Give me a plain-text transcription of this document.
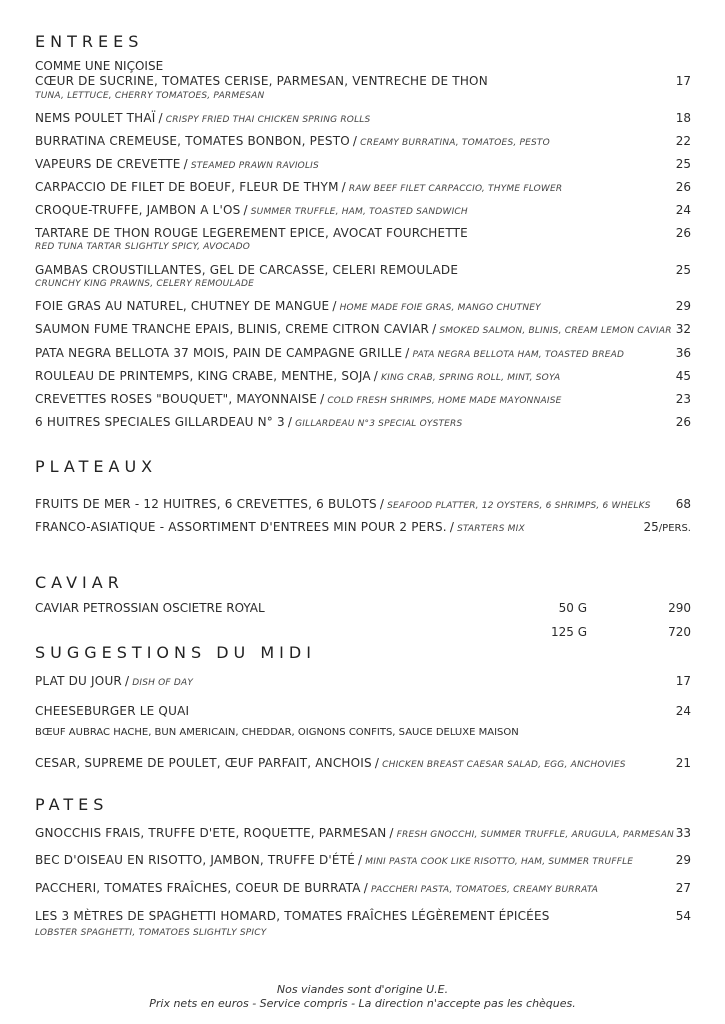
ENTREES
COMME UNE NIÇOISE
CŒUR DE SUCRINE, TOMATES CERISE, PARMESAN, VENTRECHE DE THON	17
TUNA, LETTUCE, CHERRY TOMATOES, PARMESAN
NEMS POULET THAÏ / CRISPY FRIED THAI CHICKEN SPRING ROLLS	18
BURRATINA CREMEUSE, TOMATES BONBON, PESTO / CREAMY BURRATINA, TOMATOES, PESTO	22
VAPEURS DE CREVETTE / STEAMED PRAWN RAVIOLIS	25
CARPACCIO DE FILET DE BOEUF, FLEUR DE THYM / RAW BEEF FILET CARPACCIO, THYME FLOWER	26
CROQUE-TRUFFE, JAMBON A L'OS / SUMMER TRUFFLE, HAM, TOASTED SANDWICH	24
TARTARE DE THON ROUGE LEGEREMENT EPICE, AVOCAT FOURCHETTE	26
RED TUNA TARTAR SLIGHTLY SPICY, AVOCADO
GAMBAS CROUSTILLANTES, GEL DE CARCASSE, CELERI REMOULADE	25
CRUNCHY KING PRAWNS, CELERY REMOULADE
FOIE GRAS AU NATUREL, CHUTNEY DE MANGUE / HOME MADE FOIE GRAS, MANGO CHUTNEY	29
SAUMON FUME TRANCHE EPAIS, BLINIS, CREME CITRON CAVIAR / SMOKED SALMON, BLINIS, CREAM LEMON CAVIAR 32
PATA NEGRA BELLOTA 37 MOIS, PAIN DE CAMPAGNE GRILLE / PATA NEGRA BELLOTA HAM, TOASTED BREAD	36
ROULEAU DE PRINTEMPS, KING CRABE, MENTHE, SOJA / KING CRAB, SPRING ROLL, MINT, SOYA	45
CREVETTES ROSES "BOUQUET", MAYONNAISE / COLD FRESH SHRIMPS, HOME MADE MAYONNAISE	23
6 HUITRES SPECIALES GILLARDEAU N° 3 / GILLARDEAU N°3 SPECIAL OYSTERS	26
PLATEAUX
FRUITS DE MER - 12 HUITRES, 6 CREVETTES, 6 BULOTS / SEAFOOD PLATTER, 12 OYSTERS, 6 SHRIMPS, 6 WHELKS 68
FRANCO-ASIATIQUE - ASSORTIMENT D'ENTREES MIN POUR 2 PERS. / STARTERS MIX	25/PERS.
CAVIAR
CAVIAR PETROSSIAN OSCIETRE ROYAL	50 G	290
125 G	720
SUGGESTIONS DU MIDI
PLAT DU JOUR / DISH OF DAY	17
CHEESEBURGER LE QUAI	24
BŒUF AUBRAC HACHE, BUN AMERICAIN, CHEDDAR, OIGNONS CONFITS, SAUCE DELUXE MAISON
CESAR, SUPREME DE POULET, ŒUF PARFAIT, ANCHOIS / CHICKEN BREAST CAESAR SALAD, EGG, ANCHOVIES	21
PATES
GNOCCHIS FRAIS, TRUFFE D'ETE, ROQUETTE, PARMESAN / FRESH GNOCCHI, SUMMER TRUFFLE, ARUGULA, PARMESAN 33
BEC D'OISEAU EN RISOTTO, JAMBON, TRUFFE D'ÉTÉ / MINI PASTA COOK LIKE RISOTTO, HAM, SUMMER TRUFFLE	29
PACCHERI, TOMATES FRAÎCHES, COEUR DE BURRATA / PACCHERI PASTA, TOMATOES, CREAMY BURRATA	27
LES 3 MÈTRES DE SPAGHETTI HOMARD, TOMATES FRAÎCHES LÉGÈREMENT ÉPICÉES	54
LOBSTER SPAGHETTI, TOMATOES SLIGHTLY SPICY
Nos viandes sont d'origine U.E.
Prix nets en euros - Service compris - La direction n'accepte pas les chèques.
